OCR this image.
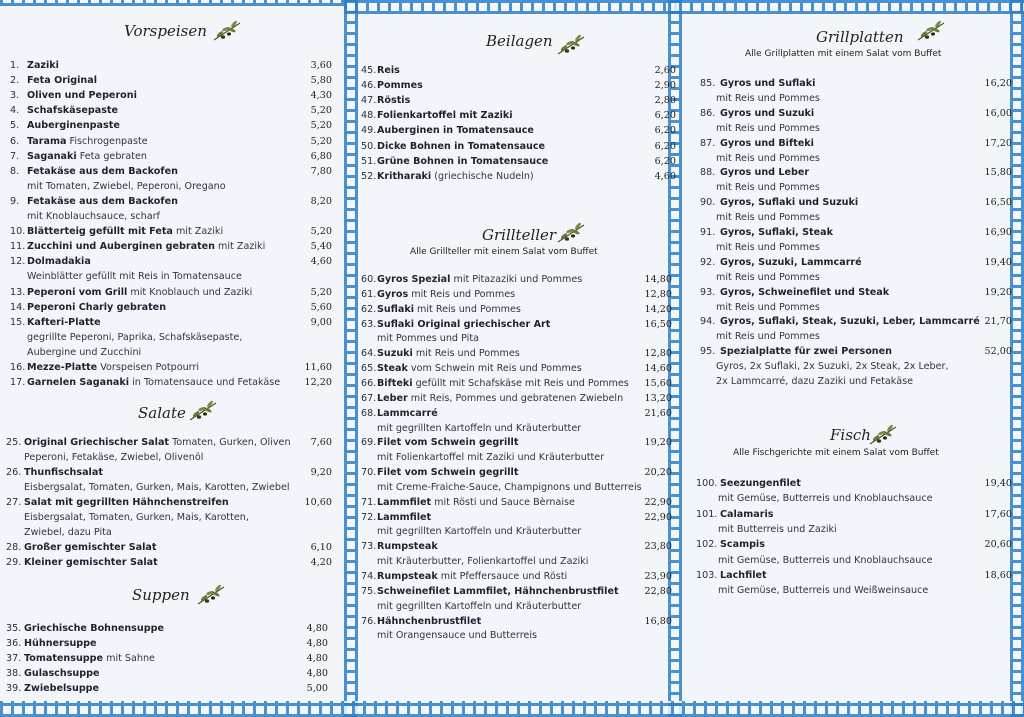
Vorspeisen
Salate
Suppen
Beilagen
Grillteller
Alle Grillteller mit einem Salat vom Buffet
Grillplatten
Alle Grillplatten mit einem Salat vom Buffet
Fisch
Alle Fischgerichte mit einem Salat vom Buffet
1. Zaziki	3,60
2. Feta Original	5,80
3. Oliven und Peperoni	4,30
4. Schafskäsepaste	5,20
5. Auberginenpaste	5,20
6. Tarama Fischrogenpaste	5,20
7. Saganaki Feta gebraten	6,80
8. Fetakäse aus dem Backofen	7,80
mit Tomaten, Zwiebel, Peperoni, Oregano
9. Fetakäse aus dem Backofen	8,20
mit Knoblauchsauce, scharf
10. Blätterteig gefüllt mit Feta mit Zaziki	5,20
11. Zucchini und Auberginen gebraten mit Zaziki	5,40
12. Dolmadakia	4,60
Weinblätter gefüllt mit Reis in Tomatensauce
13. Peperoni vom Grill mit Knoblauch und Zaziki	5,20
14. Peperoni Charly gebraten	5,60
15. Kafteri-Platte	9,00
gegrillte Peperoni, Paprika, Schafskäsepaste,
Aubergine und Zucchini
16. Mezze-Platte Vorspeisen Potpourri	11,60
17. Garnelen Saganaki in Tomatensauce und Fetakäse	12,20
25. Original Griechischer Salat Tomaten, Gurken, Oliven	7,60
Peperoni, Fetakäse, Zwiebel, Olivenöl
26. Thunfischsalat	9,20
Eisbergsalat, Tomaten, Gurken, Mais, Karotten, Zwiebel
27. Salat mit gegrillten Hähnchenstreifen	10,60
Eisbergsalat, Tomaten, Gurken, Mais, Karotten,
Zwiebel, dazu Pita
28. Großer gemischter Salat	6,10
29. Kleiner gemischter Salat	4,20
35. Griechische Bohnensuppe	4,80
36. Hühnersuppe	4,80
37. Tomatensuppe mit Sahne	4,80
38. Gulaschsuppe	4,80
39. Zwiebelsuppe	5,00
45. Reis	2,60
46. Pommes	2,90
47. Röstis	2,80
48. Folienkartoffel mit Zaziki	6,20
49. Auberginen in Tomatensauce	6,20
50. Dicke Bohnen in Tomatensauce	6,20
51. Grüne Bohnen in Tomatensauce	6,20
52. Kritharaki (griechische Nudeln)	4,60
60. Gyros Spezial mit Pitazaziki und Pommes	14,80
61. Gyros mit Reis und Pommes	12,80
62. Suflaki mit Reis und Pommes	14,20
63. Suflaki Original griechischer Art	16,50
mit Pommes und Pita
64. Suzuki mit Reis und Pommes	12,80
65. Steak vom Schwein mit Reis und Pommes	14,60
66. Bifteki gefüllt mit Schafskäse mit Reis und Pommes	15,60
67. Leber mit Reis, Pommes und gebratenen Zwiebeln	13,20
68. Lammcarré	21,60
mit gegrillten Kartoffeln und Kräuterbutter
69. Filet vom Schwein gegrillt	19,20
mit Folienkartoffel mit Zaziki und Kräuterbutter
70. Filet vom Schwein gegrillt	20,20
mit Creme-Fraiche-Sauce, Champignons und Butterreis
71. Lammfilet mit Rösti und Sauce Bèrnaise	22,90
72. Lammfilet	22,90
mit gegrillten Kartoffeln und Kräuterbutter
73. Rumpsteak	23,80
mit Kräuterbutter, Folienkartoffel und Zaziki
74. Rumpsteak mit Pfeffersauce und Rösti	23,90
75. Schweinefilet Lammfilet, Hähnchenbrustfilet	22,80
mit gegrillten Kartoffeln und Kräuterbutter
76. Hähnchenbrustfilet	16,80
mit Orangensauce und Butterreis
85. Gyros und Suflaki	16,20
mit Reis und Pommes
86. Gyros und Suzuki	16,00
mit Reis und Pommes
87. Gyros und Bifteki	17,20
mit Reis und Pommes
88. Gyros und Leber	15,80
mit Reis und Pommes
90. Gyros, Suflaki und Suzuki	16,50
mit Reis und Pommes
91. Gyros, Suflaki, Steak	16,90
mit Reis und Pommes
92. Gyros, Suzuki, Lammcarré	19,40
mit Reis und Pommes
93. Gyros, Schweinefilet und Steak	19,20
mit Reis und Pommes
94. Gyros, Suflaki, Steak, Suzuki, Leber, Lammcarré 21,70
mit Reis und Pommes
95. Spezialplatte für zwei Personen	52,00
Gyros, 2x Suflaki, 2x Suzuki, 2x Steak, 2x Leber,
2x Lammcarré, dazu Zaziki und Fetakäse
100. Seezungenfilet	19,40
mit Gemüse, Butterreis und Knoblauchsauce
101. Calamaris	17,60
mit Butterreis und Zaziki
102. Scampis	20,60
mit Gemüse, Butterreis und Knoblauchsauce
103. Lachfilet	18,60
mit Gemüse, Butterreis und Weißweinsauce
